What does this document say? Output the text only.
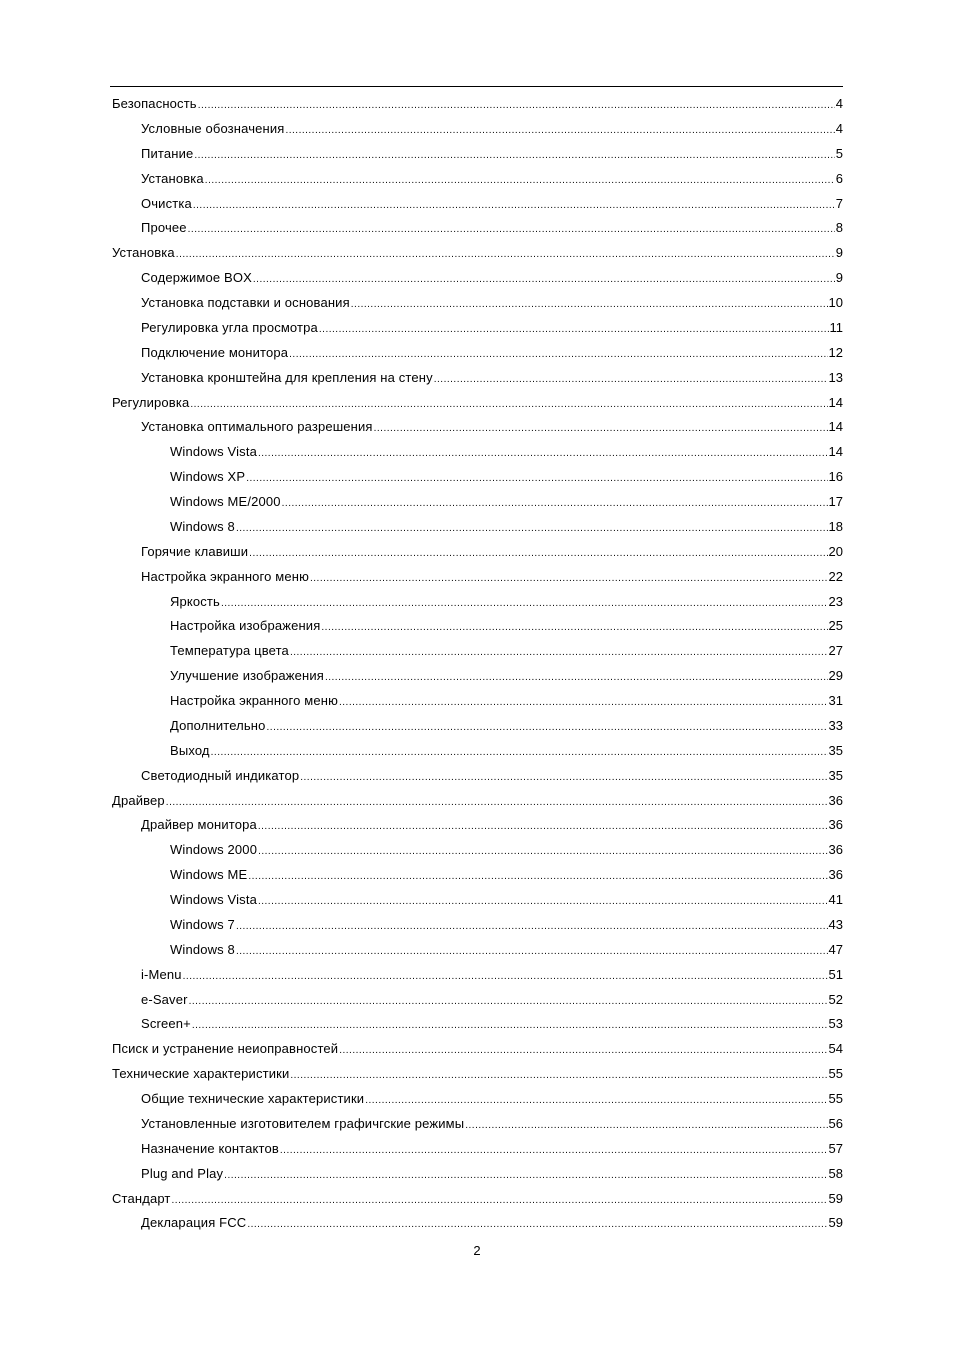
Безопасность .....	4
Условные обозначения .....	4
Питание .....	5
Установка .....	6
Очистка .....	7
Прочее .....	8
Установка .....	9
Содержимое BOX .....	9
Установка подставки и основания .....	10
Регулировка угла просмотра .....	11
Подключение монитора .....	12
Установка кронштейна для крепления на стену .....	13
Регулировка .....	14
Установка оптимального разрешения .....	14
Windows Vista .....	14
Windows XP .....	16
Windows ME/2000 .....	17
Windows 8 .....	18
Горячие клавиши .....	20
Настройка экранного меню .....	22
Яркость .....	23
Настройка изображения .....	25
Температура цвета .....	27
Улучшение изображения .....	29
Настройка экранного меню .....	31
Дополнительно .....	33
Выход .....	35
Светодиодный индикатор .....	35
Драйвер .....	36
Драйвер монитора .....	36
Windows 2000 .....	36
Windows ME .....	36
Windows Vista .....	41
Windows 7 .....	43
Windows 8 .....	47
i-Menu .....	51
e-Saver .....	52
Screen+ .....	53
Псиск и устранение неиоправностей .....	54
Технические характеристики .....	55
Общие технические характеристики .....	55
Установленные изготовителем графичгские режимы .....	56
Назначение контактов .....	57
Plug and Play .....	58
Стандарт .....	59
Декларация FCC .....	59
2
